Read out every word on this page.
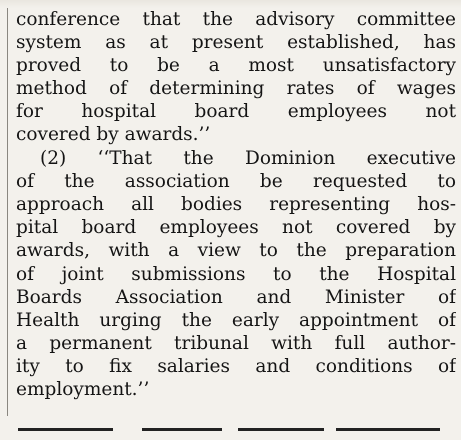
conference that the advisory committee
system as at present established, has
proved to be a most unsatisfactory
method of determining rates of wages
for hospital board employees not
covered by awards.’’
(2) ‘‘That the Dominion executive
of the association be requested to
approach all bodies representing hos-
pital board employees not covered by
awards, with a view to the preparation
of joint submissions to the Hospital
Boards Association and Minister of
Health urging the early appointment of
a permanent tribunal with full author-
ity to fix salaries and conditions of
employment.’’
